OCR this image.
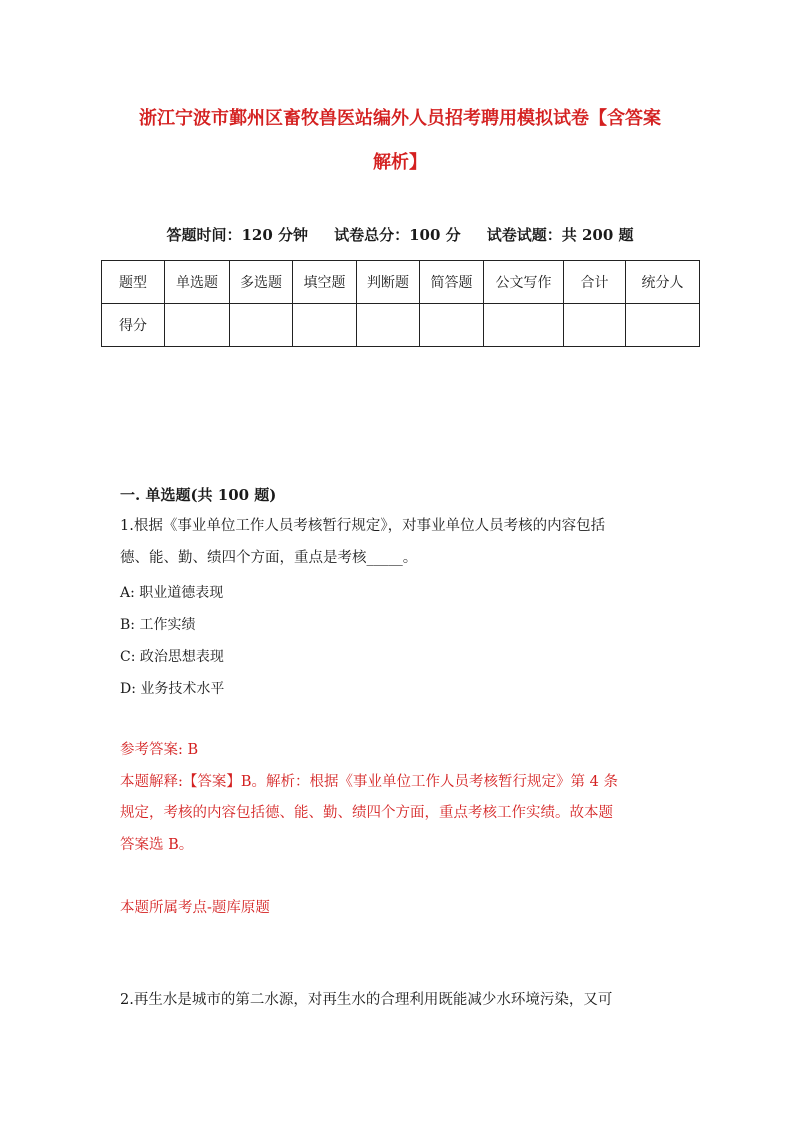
浙江宁波市鄞州区畜牧兽医站编外人员招考聘用模拟试卷【含答案
解析】
答题时间：120 分钟     试卷总分：100 分     试卷试题：共 200 题
题型	单选题	多选题	填空题	判断题	简答题	公文写作	合计	统分人
得分								
一. 单选题(共 100 题)
1.根据《事业单位工作人员考核暂行规定》，对事业单位人员考核的内容包括
德、能、勤、绩四个方面，重点是考核_____。
A: 职业道德表现
B: 工作实绩
C: 政治思想表现
D: 业务技术水平
参考答案: B
本题解释:【答案】B。解析：根据《事业单位工作人员考核暂行规定》第 4 条
规定，考核的内容包括德、能、勤、绩四个方面，重点考核工作实绩。故本题
答案选 B。
本题所属考点-题库原题
2.再生水是城市的第二水源，对再生水的合理利用既能减少水环境污染，又可
